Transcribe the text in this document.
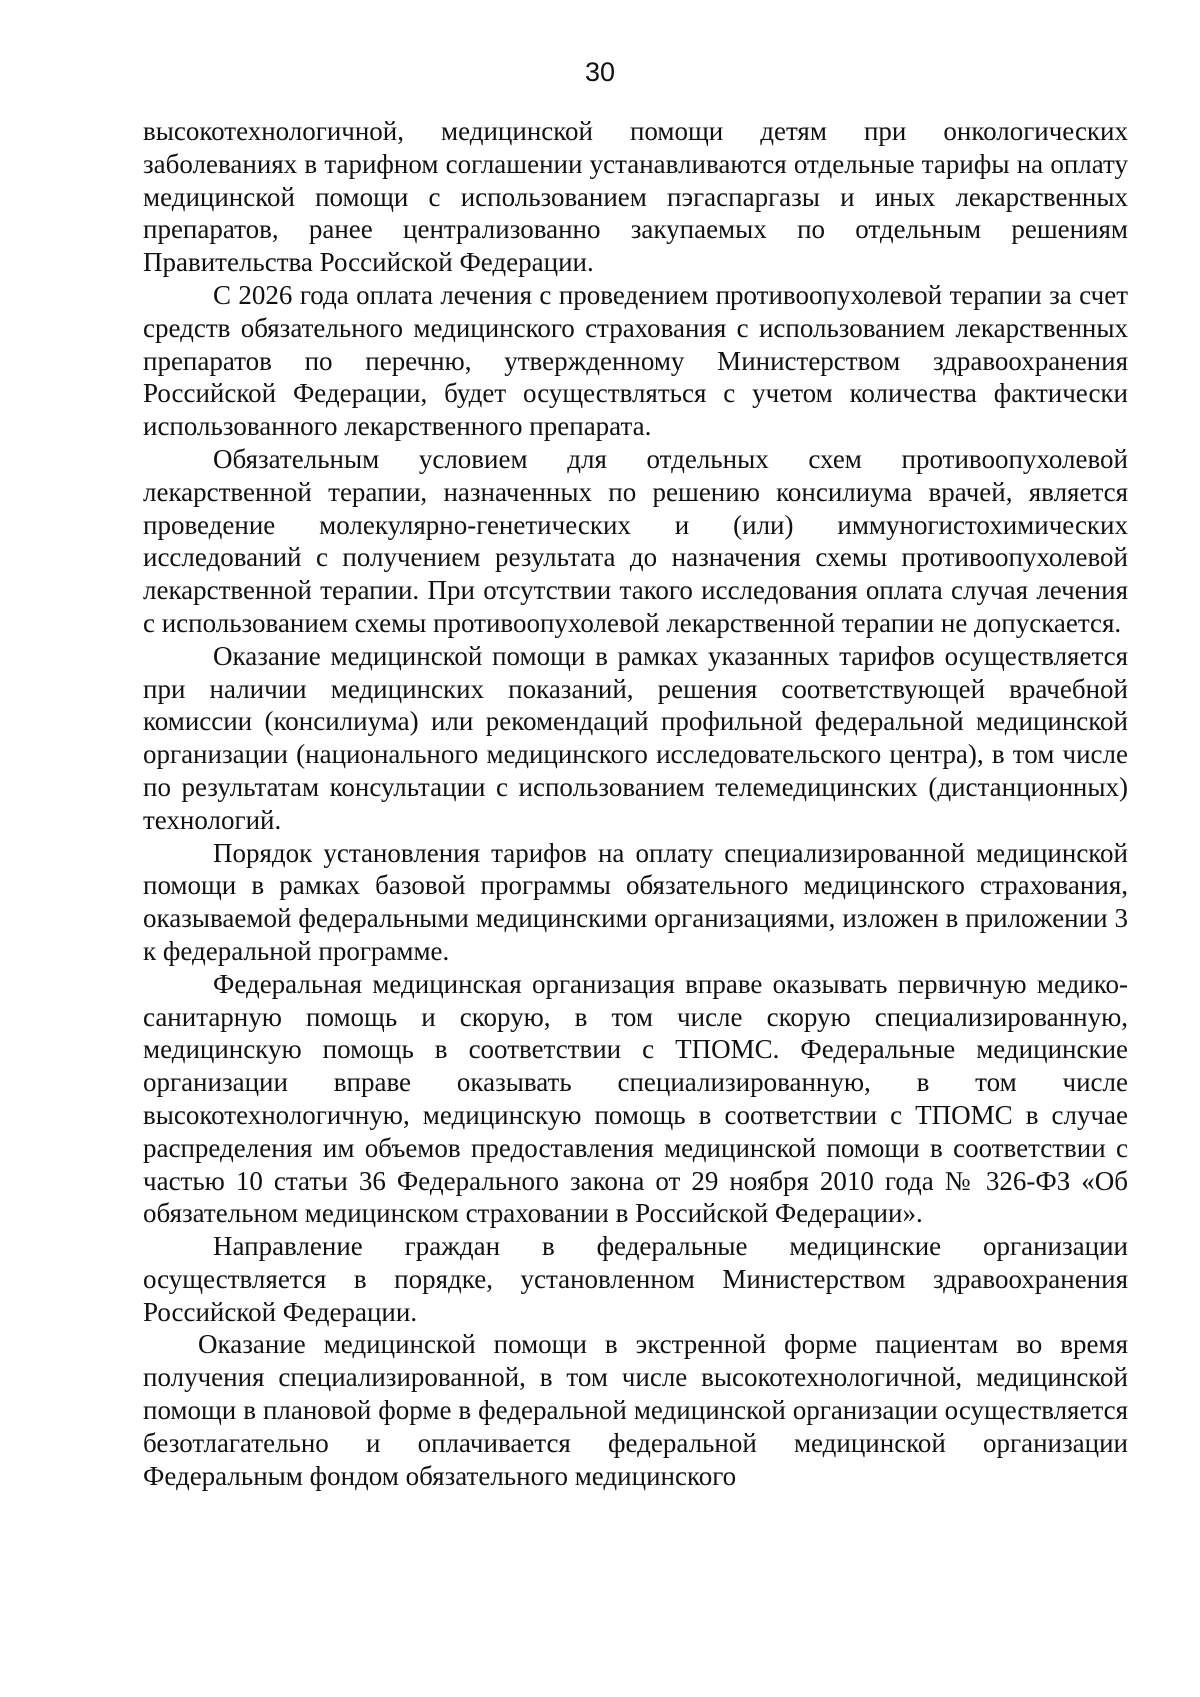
30

высокотехнологичной, медицинской помощи детям при онкологических заболеваниях в тарифном соглашении устанавливаются отдельные тарифы на оплату медицинской помощи с использованием пэгаспаргазы и иных лекарственных препаратов, ранее централизованно закупаемых по отдельным решениям Правительства Российской Федерации.

С 2026 года оплата лечения с проведением противоопухолевой терапии за счет средств обязательного медицинского страхования с использованием лекарственных препаратов по перечню, утвержденному Министерством здравоохранения Российской Федерации, будет осуществляться с учетом количества фактически использованного лекарственного препарата.

Обязательным условием для отдельных схем противоопухолевой лекарственной терапии, назначенных по решению консилиума врачей, является проведение молекулярно-генетических и (или) иммуногистохимических исследований с получением результата до назначения схемы противоопухолевой лекарственной терапии. При отсутствии такого исследования оплата случая лечения с использованием схемы противоопухолевой лекарственной терапии не допускается.

Оказание медицинской помощи в рамках указанных тарифов осуществляется при наличии медицинских показаний, решения соответствующей врачебной комиссии (консилиума) или рекомендаций профильной федеральной медицинской организации (национального медицинского исследовательского центра), в том числе по результатам консультации с использованием телемедицинских (дистанционных) технологий.

Порядок установления тарифов на оплату специализированной медицинской помощи в рамках базовой программы обязательного медицинского страхования, оказываемой федеральными медицинскими организациями, изложен в приложении 3 к федеральной программе.

Федеральная медицинская организация вправе оказывать первичную медико-санитарную помощь и скорую, в том числе скорую специализированную, медицинскую помощь в соответствии с ТПОМС. Федеральные медицинские организации вправе оказывать специализированную, в том числе высокотехнологичную, медицинскую помощь в соответствии с ТПОМС в случае распределения им объемов предоставления медицинской помощи в соответствии с частью 10 статьи 36 Федерального закона от 29 ноября 2010 года № 326-ФЗ «Об обязательном медицинском страховании в Российской Федерации».

Направление граждан в федеральные медицинские организации осуществляется в порядке, установленном Министерством здравоохранения Российской Федерации.

Оказание медицинской помощи в экстренной форме пациентам во время получения специализированной, в том числе высокотехнологичной, медицинской помощи в плановой форме в федеральной медицинской организации осуществляется безотлагательно и оплачивается федеральной медицинской организации Федеральным фондом обязательного медицинского
